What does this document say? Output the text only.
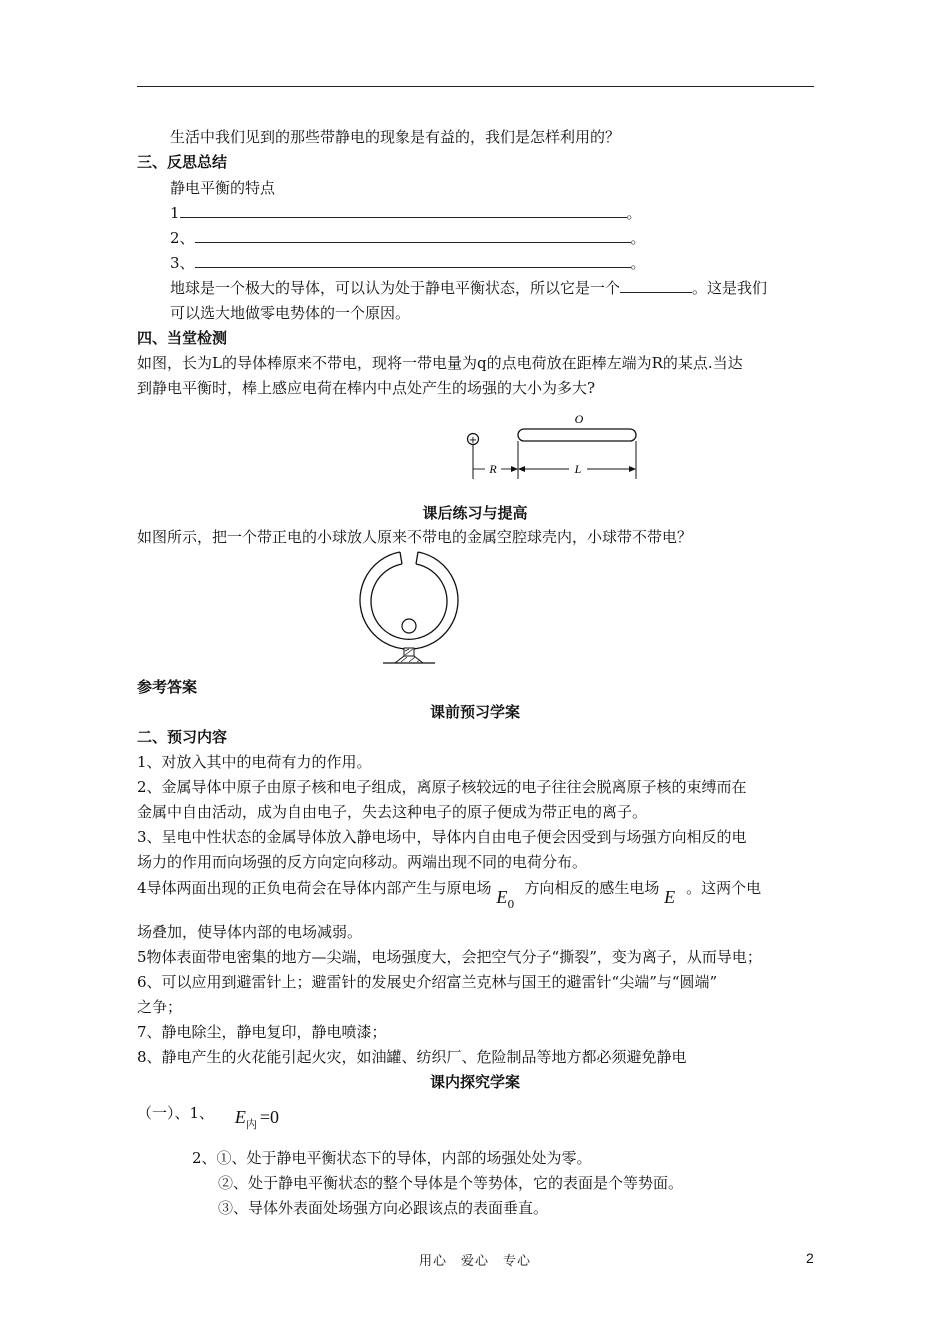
生活中我们见到的那些带静电的现象是有益的，我们是怎样利用的？
三、反思总结
静电平衡的特点
1	。
2、	。
3、	。
地球是一个极大的导体，可以认为处于静电平衡状态，所以它是一个	。这是我们
可以选大地做零电势体的一个原因。
四、当堂检测
如图，长为L的导体棒原来不带电，现将一带电量为q的点电荷放在距棒左端为R的某点.当达
到静电平衡时，棒上感应电荷在棒内中点处产生的场强的大小为多大?
+
O
R	L
课后练习与提高
如图所示，把一个带正电的小球放人原来不带电的金属空腔球壳内，小球带不带电？
参考答案
课前预习学案
二、预习内容
1、对放入其中的电荷有力的作用。
2、金属导体中原子由原子核和电子组成，离原子核较远的电子往往会脱离原子核的束缚而在
金属中自由活动，成为自由电子，失去这种电子的原子便成为带正电的离子。
3、呈电中性状态的金属导体放入静电场中，导体内自由电子便会因受到与场强方向相反的电
场力的作用而向场强的反方向定向移动。两端出现不同的电荷分布。
4导体两面出现的正负电荷会在导体内部产生与原电场 $E_0$方向相反的感生电场 E 。这两个电
场叠加，使导体内部的电场减弱。
5物体表面带电密集的地方—尖端，电场强度大，会把空气分子“撕裂”，变为离子，从而导电；
6、可以应用到避雷针上；避雷针的发展史介绍富兰克林与国王的避雷针“尖端”与“圆端”
之争；
7、静电除尘，静电复印，静电喷漆；
8、静电产生的火花能引起火灾，如油罐、纺织厂、危险制品等地方都必须避免静电
课内探究学案
（一）、1、 $E_内 =0$
2、①、处于静电平衡状态下的导体，内部的场强处处为零。
②、处于静电平衡状态的整个导体是个等势体，它的表面是个等势面。
③、导体外表面处场强方向必跟该点的表面垂直。
用心　爱心　专心	2
